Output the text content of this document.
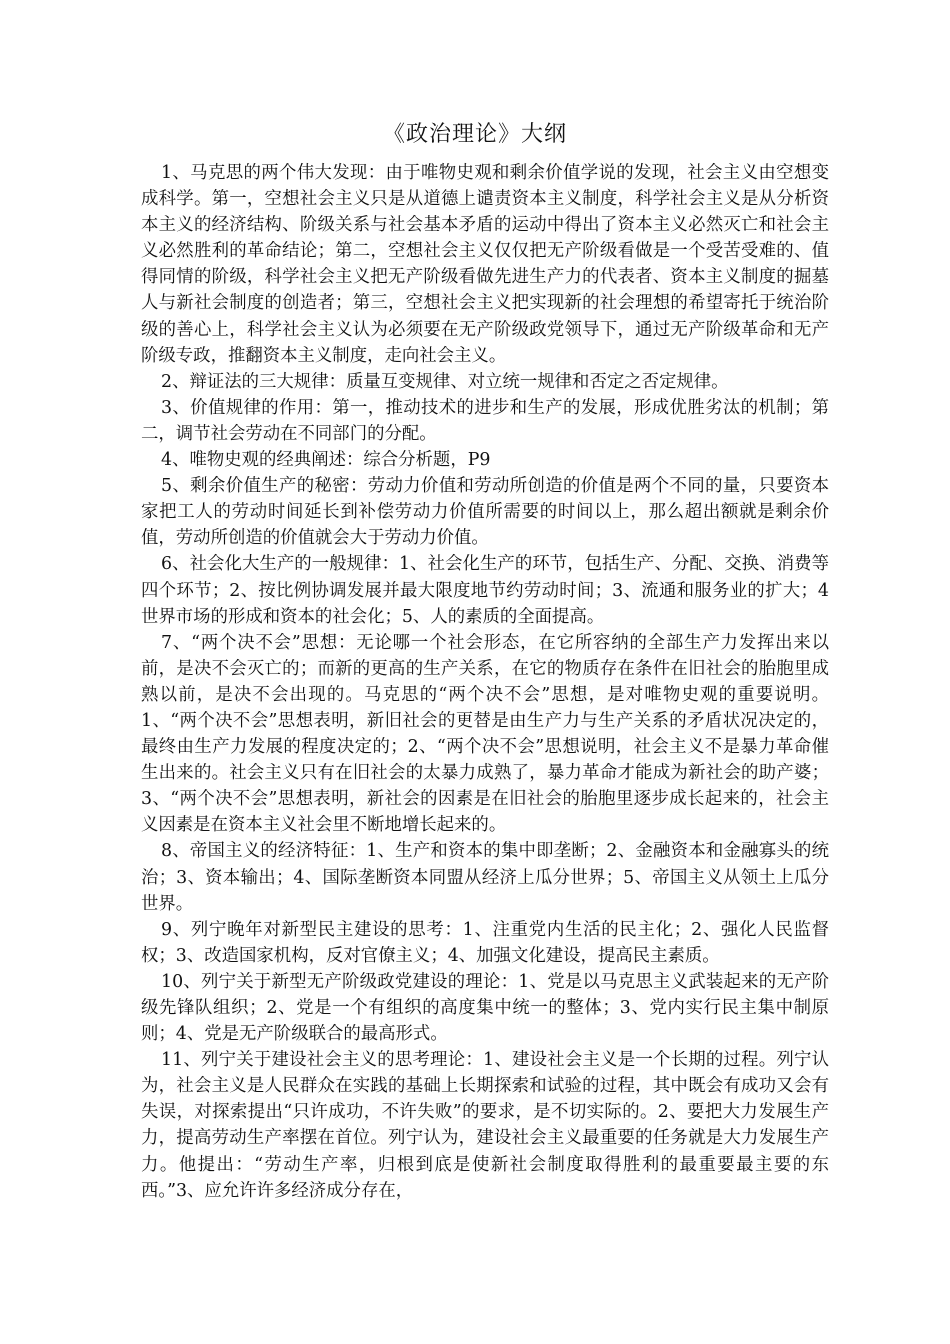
《政治理论》大纲

1、马克思的两个伟大发现：由于唯物史观和剩余价值学说的发现，社会主义由空想变成科学。第一，空想社会主义只是从道德上谴责资本主义制度，科学社会主义是从分析资本主义的经济结构、阶级关系与社会基本矛盾的运动中得出了资本主义必然灭亡和社会主义必然胜利的革命结论；第二，空想社会主义仅仅把无产阶级看做是一个受苦受难的、值得同情的阶级，科学社会主义把无产阶级看做先进生产力的代表者、资本主义制度的掘墓人与新社会制度的创造者；第三，空想社会主义把实现新的社会理想的希望寄托于统治阶级的善心上，科学社会主义认为必须要在无产阶级政党领导下，通过无产阶级革命和无产阶级专政，推翻资本主义制度，走向社会主义。

2、辩证法的三大规律：质量互变规律、对立统一规律和否定之否定规律。

3、价值规律的作用：第一，推动技术的进步和生产的发展，形成优胜劣汰的机制；第二，调节社会劳动在不同部门的分配。

4、唯物史观的经典阐述：综合分析题，P9

5、剩余价值生产的秘密：劳动力价值和劳动所创造的价值是两个不同的量，只要资本家把工人的劳动时间延长到补偿劳动力价值所需要的时间以上，那么超出额就是剩余价值，劳动所创造的价值就会大于劳动力价值。

6、社会化大生产的一般规律：1、社会化生产的环节，包括生产、分配、交换、消费等四个环节；2、按比例协调发展并最大限度地节约劳动时间；3、流通和服务业的扩大；4世界市场的形成和资本的社会化；5、人的素质的全面提高。

7、“两个决不会”思想：无论哪一个社会形态，在它所容纳的全部生产力发挥出来以前，是决不会灭亡的；而新的更高的生产关系，在它的物质存在条件在旧社会的胎胞里成熟以前，是决不会出现的。马克思的“两个决不会”思想，是对唯物史观的重要说明。1、“两个决不会”思想表明，新旧社会的更替是由生产力与生产关系的矛盾状况决定的，最终由生产力发展的程度决定的；2、“两个决不会”思想说明，社会主义不是暴力革命催生出来的。社会主义只有在旧社会的太暴力成熟了，暴力革命才能成为新社会的助产婆；3、“两个决不会”思想表明，新社会的因素是在旧社会的胎胞里逐步成长起来的，社会主义因素是在资本主义社会里不断地增长起来的。

8、帝国主义的经济特征：1、生产和资本的集中即垄断；2、金融资本和金融寡头的统治；3、资本输出；4、国际垄断资本同盟从经济上瓜分世界；5、帝国主义从领土上瓜分世界。

9、列宁晚年对新型民主建设的思考：1、注重党内生活的民主化；2、强化人民监督权；3、改造国家机构，反对官僚主义；4、加强文化建设，提高民主素质。

10、列宁关于新型无产阶级政党建设的理论：1、党是以马克思主义武装起来的无产阶级先锋队组织；2、党是一个有组织的高度集中统一的整体；3、党内实行民主集中制原则；4、党是无产阶级联合的最高形式。

11、列宁关于建设社会主义的思考理论：1、建设社会主义是一个长期的过程。列宁认为，社会主义是人民群众在实践的基础上长期探索和试验的过程，其中既会有成功又会有失误，对探索提出“只许成功，不许失败”的要求，是不切实际的。2、要把大力发展生产力，提高劳动生产率摆在首位。列宁认为，建设社会主义最重要的任务就是大力发展生产力。他提出：“劳动生产率，归根到底是使新社会制度取得胜利的最重要最主要的东西。”3、应允许许多经济成分存在，
